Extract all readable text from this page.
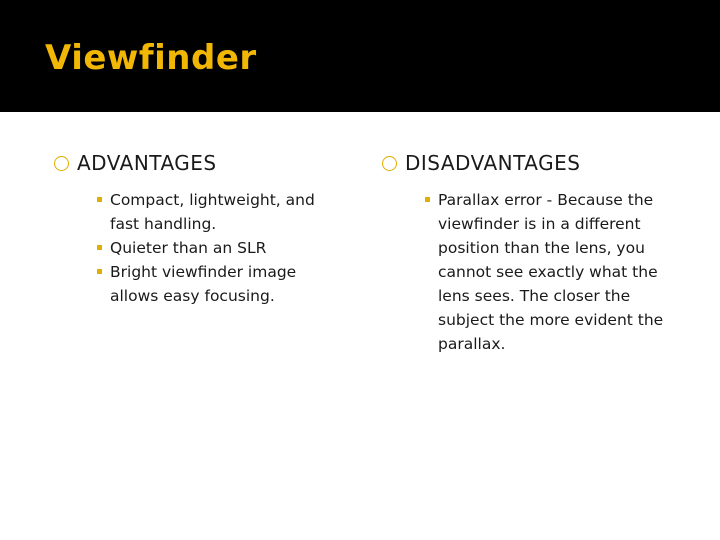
Viewfinder
ADVANTAGES
Compact, lightweight, and fast handling.
Quieter than an SLR
Bright viewfinder image allows easy focusing.
DISADVANTAGES
Parallax error - Because the viewfinder is in a different position than the lens, you cannot see exactly what the lens sees. The closer the subject the more evident the parallax.
